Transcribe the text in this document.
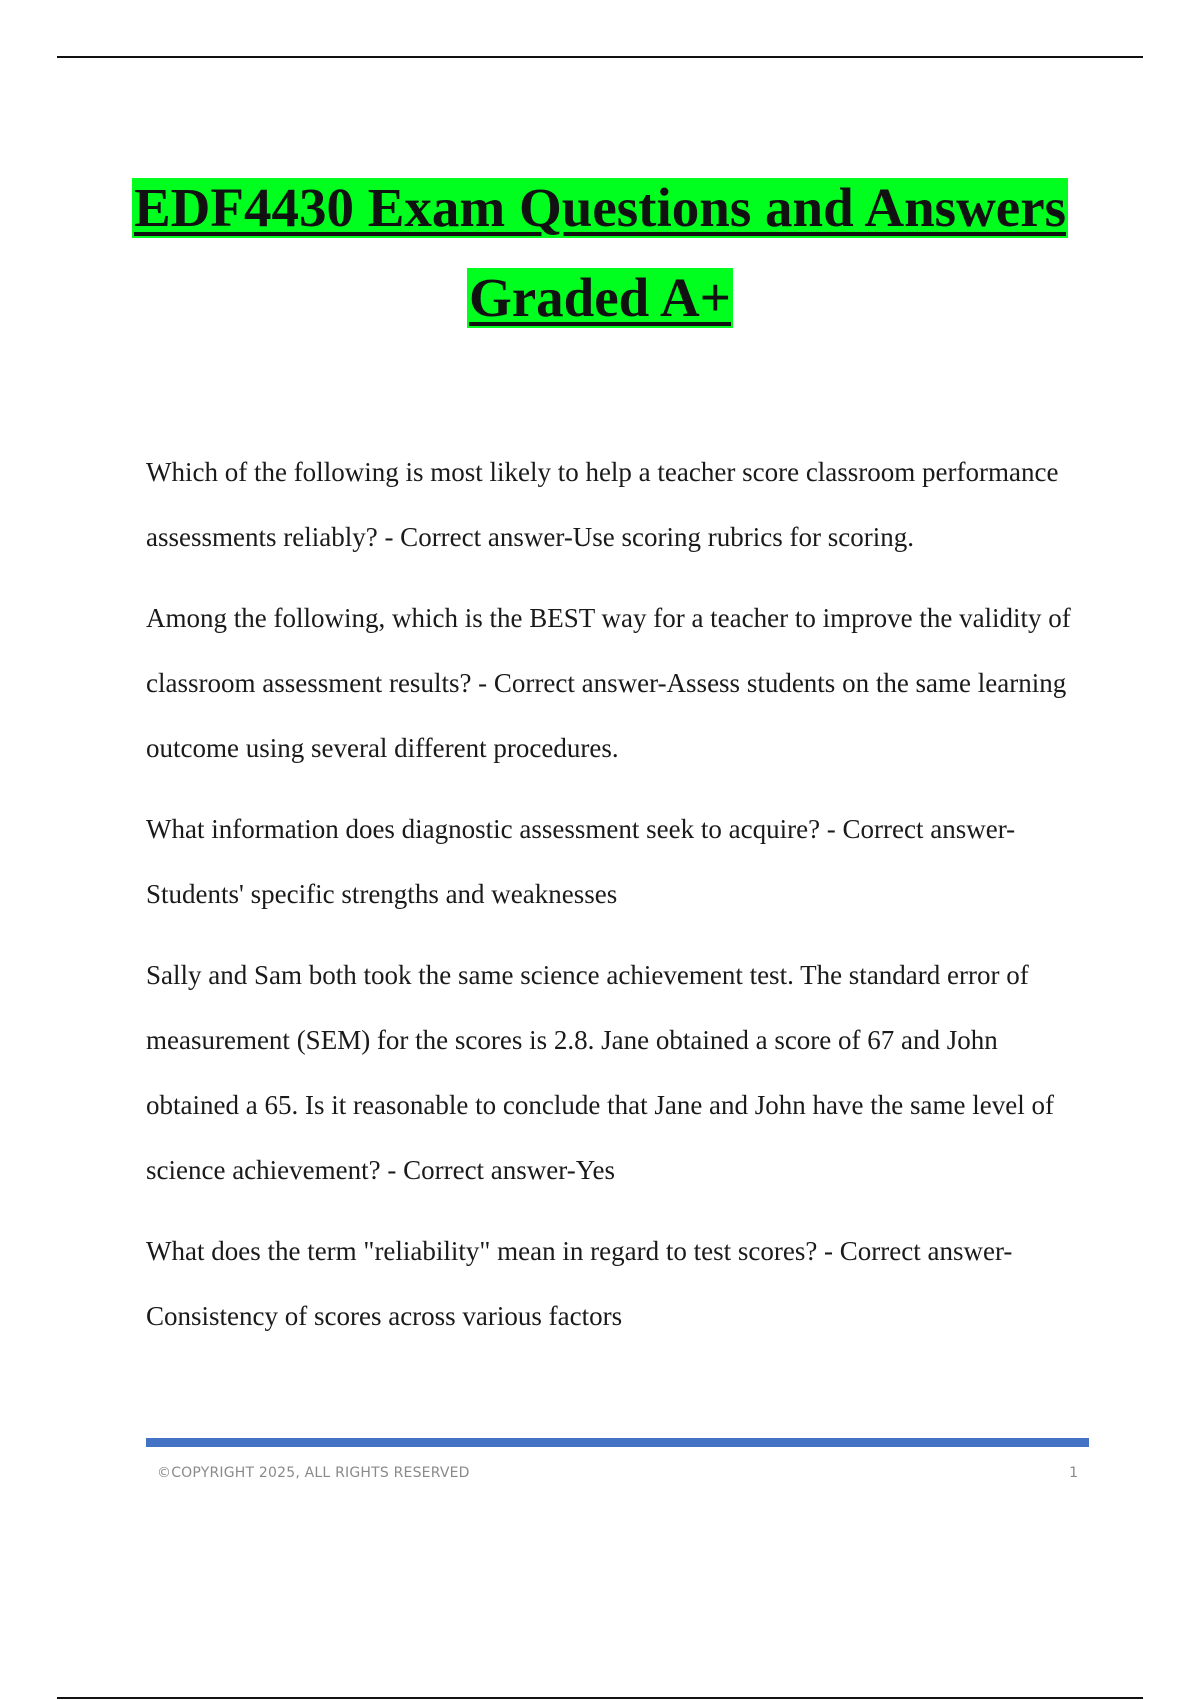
EDF4430 Exam Questions and Answers
Graded A+

Which of the following is most likely to help a teacher score classroom performance assessments reliably? - Correct answer-Use scoring rubrics for scoring.

Among the following, which is the BEST way for a teacher to improve the validity of classroom assessment results? - Correct answer-Assess students on the same learning outcome using several different procedures.

What information does diagnostic assessment seek to acquire? - Correct answer-Students' specific strengths and weaknesses

Sally and Sam both took the same science achievement test. The standard error of measurement (SEM) for the scores is 2.8. Jane obtained a score of 67 and John obtained a 65. Is it reasonable to conclude that Jane and John have the same level of science achievement? - Correct answer-Yes

What does the term "reliability" mean in regard to test scores? - Correct answer-Consistency of scores across various factors

©COPYRIGHT 2025, ALL RIGHTS RESERVED	1
